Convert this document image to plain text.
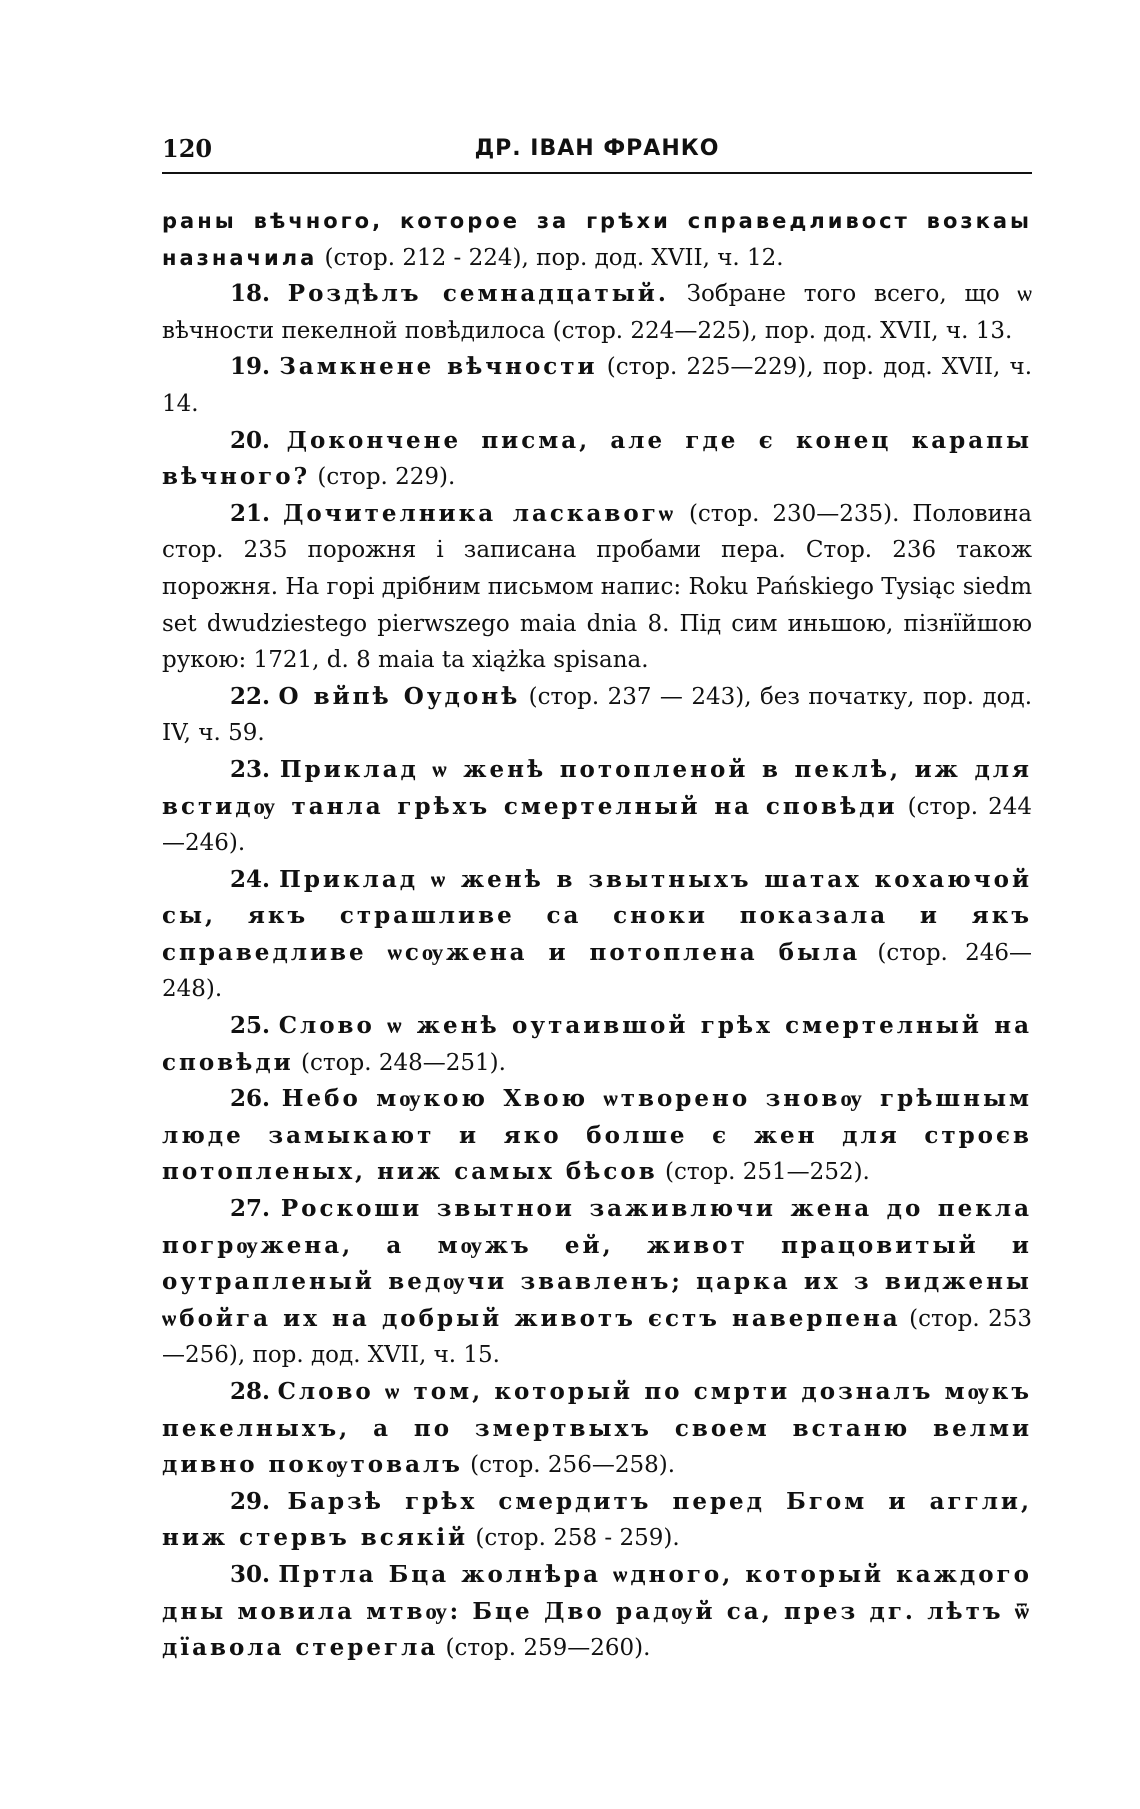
120	ДР. ІВАН ФРАНКО

раны вѣчного, которое за грѣхи справедливост возкаы назначила (стор. 212 - 224), пор. дод. XVII, ч. 12.

18. Роздѣлъ семнадцатый. Зобране того всего, що ѡ вѣчности пекелной повѣдилоса (стор. 224—225), пор. дод. XVII, ч. 13.

19. Замкнене вѣчности (стор. 225—229), пор. дод. XVII, ч. 14.

20. Докончене писма, але где є конец карапы вѣчного? (стор. 229).

21. Дочителника ласкавогѡ (стор. 230—235). Половина стор. 235 порожня і записана пробами пера. Стор. 236 також порожня. На горі дрібним письмом напис: Roku Pańskiego Tysiąc siedm set dwudziestego pierwszego maia dnia 8. Під сим иньшою, пізнїйшою рукою: 1721, d. 8 maia ta xiążka spisana.

22. О вйпѣ Оудонѣ (стор. 237 — 243), без початку, пор. дод. IV, ч. 59.

23. Приклад ѡ женѣ потопленой в пеклѣ, иж для встидѹ танла грѣхъ смертелный на сповѣди (стор. 244—246).

24. Приклад ѡ женѣ в звытныхъ шатах кохаючой сы, якъ страшливе са сноки показала и якъ справедливе ѡсѹжена и потоплена была (стор. 246—248).

25. Слово ѡ женѣ оутаившой грѣх смертелный на сповѣди (стор. 248—251).

26. Небо мѹкою Хвою ѡтворено зновѹ грѣшным люде замыкают и яко болше є жен для строєв потопленых, ниж самых бѣсов (стор. 251—252).

27. Роскоши звытнои заживлючи жена до пекла погрѹжена, а мѹжъ ей, живот працовитый и оутрапленый ведѹчи звавленъ; царка их з виджены ѡбойга их на добрый животъ єстъ наверпена (стор. 253—256), пор. дод. XVII, ч. 15.

28. Слово ѡ том, который по смрти дозналъ мѹкъ пекелныхъ, а по змертвыхъ своем встаню велми дивно покѹтовалъ (стор. 256—258).

29. Барзѣ грѣх смердитъ перед Бгом и аггли, ниж стервъ всякій (стор. 258 - 259).

30. Пртла Бца жолнѣра ѡдного, который каждого дны мовила мтвѹ: Бце Дво радѹй са, през дг. лѣтъ ѿ дїавола стерегла (стор. 259—260).
